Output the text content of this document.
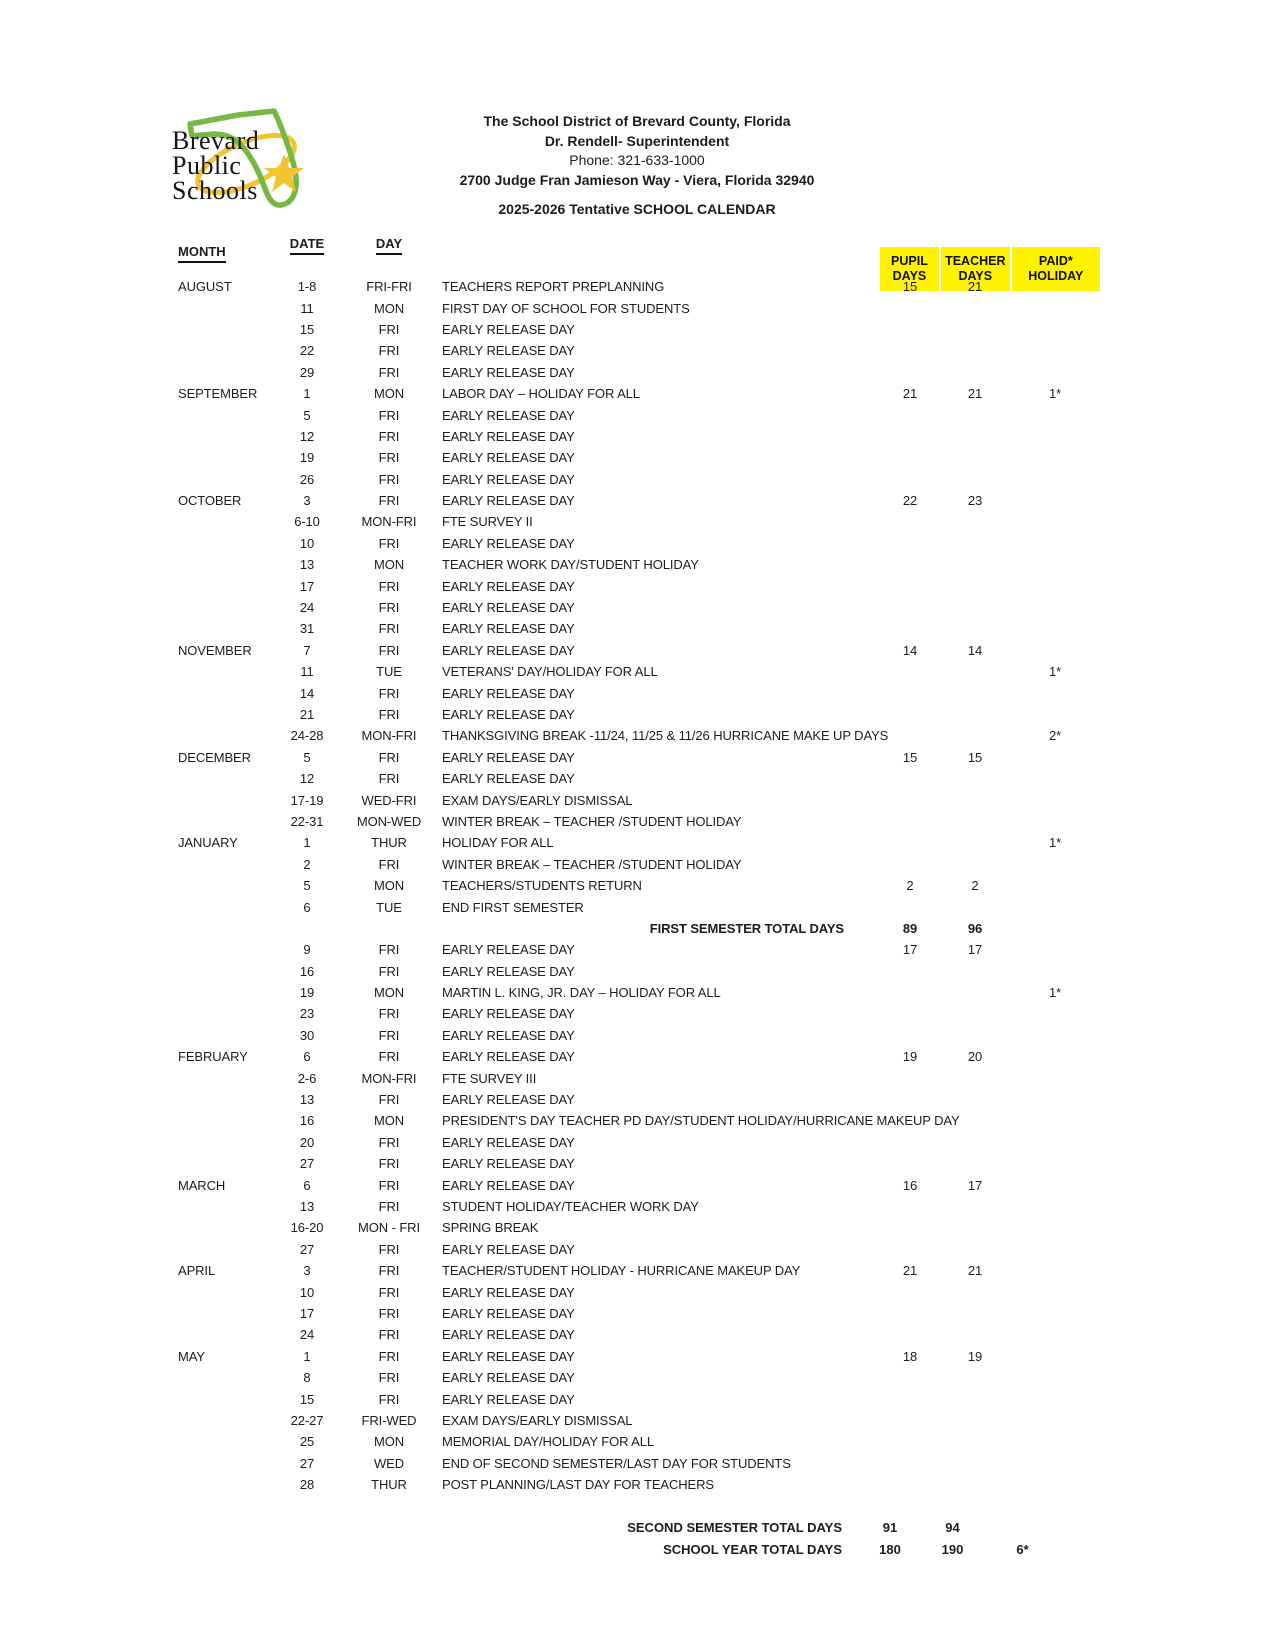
Brevard
Public
Schools
The School District of Brevard County, Florida
Dr. Rendell- Superintendent
Phone: 321-633-1000
2700 Judge Fran Jamieson Way - Viera, Florida 32940
2025-2026 Tentative SCHOOL CALENDAR
MONTH
DATE	DAY
PUPIL DAYS
TEACHER DAYS
PAID* HOLIDAY
AUGUST	1-8	FRI-FRI	TEACHERS REPORT PREPLANNING	15	21
11	MON	FIRST DAY OF SCHOOL FOR STUDENTS
15	FRI	EARLY RELEASE DAY
22	FRI	EARLY RELEASE DAY
29	FRI	EARLY RELEASE DAY
SEPTEMBER	1	MON	LABOR DAY – HOLIDAY FOR ALL	21	21	1*
5	FRI	EARLY RELEASE DAY
12	FRI	EARLY RELEASE DAY
19	FRI	EARLY RELEASE DAY
26	FRI	EARLY RELEASE DAY
OCTOBER	3	FRI	EARLY RELEASE DAY	22	23
6-10	MON-FRI	FTE SURVEY II
10	FRI	EARLY RELEASE DAY
13	MON	TEACHER WORK DAY/STUDENT HOLIDAY
17	FRI	EARLY RELEASE DAY
24	FRI	EARLY RELEASE DAY
31	FRI	EARLY RELEASE DAY
NOVEMBER	7	FRI	EARLY RELEASE DAY	14	14
11	TUE	VETERANS' DAY/HOLIDAY FOR ALL	1*
14	FRI	EARLY RELEASE DAY
21	FRI	EARLY RELEASE DAY
24-28	MON-FRI	THANKSGIVING BREAK -11/24, 11/25 & 11/26 HURRICANE MAKE UP DAYS	2*
DECEMBER	5	FRI	EARLY RELEASE DAY	15	15
12	FRI	EARLY RELEASE DAY
17-19	WED-FRI	EXAM DAYS/EARLY DISMISSAL
22-31	MON-WED	WINTER BREAK – TEACHER /STUDENT HOLIDAY
JANUARY	1	THUR	HOLIDAY FOR ALL	1*
2	FRI	WINTER BREAK – TEACHER /STUDENT HOLIDAY
5	MON	TEACHERS/STUDENTS RETURN	2	2
6	TUE	END FIRST SEMESTER
FIRST SEMESTER TOTAL DAYS	89	96
9	FRI	EARLY RELEASE DAY	17	17
16	FRI	EARLY RELEASE DAY
19	MON	MARTIN L. KING, JR. DAY – HOLIDAY FOR ALL	1*
23	FRI	EARLY RELEASE DAY
30	FRI	EARLY RELEASE DAY
FEBRUARY	6	FRI	EARLY RELEASE DAY	19	20
2-6	MON-FRI	FTE SURVEY III
13	FRI	EARLY RELEASE DAY
16	MON	PRESIDENT'S DAY TEACHER PD DAY/STUDENT HOLIDAY/HURRICANE MAKEUP DAY
20	FRI	EARLY RELEASE DAY
27	FRI	EARLY RELEASE DAY
MARCH	6	FRI	EARLY RELEASE DAY	16	17
13	FRI	STUDENT HOLIDAY/TEACHER WORK DAY
16-20	MON - FRI	SPRING BREAK
27	FRI	EARLY RELEASE DAY
APRIL	3	FRI	TEACHER/STUDENT HOLIDAY - HURRICANE MAKEUP DAY	21	21
10	FRI	EARLY RELEASE DAY
17	FRI	EARLY RELEASE DAY
24	FRI	EARLY RELEASE DAY
MAY	1	FRI	EARLY RELEASE DAY	18	19
8	FRI	EARLY RELEASE DAY
15	FRI	EARLY RELEASE DAY
22-27	FRI-WED	EXAM DAYS/EARLY DISMISSAL
25	MON	MEMORIAL DAY/HOLIDAY FOR ALL
27	WED	END OF SECOND SEMESTER/LAST DAY FOR STUDENTS
28	THUR	POST PLANNING/LAST DAY FOR TEACHERS
SECOND SEMESTER TOTAL DAYS	91	94
SCHOOL YEAR TOTAL DAYS	180	190	6*
